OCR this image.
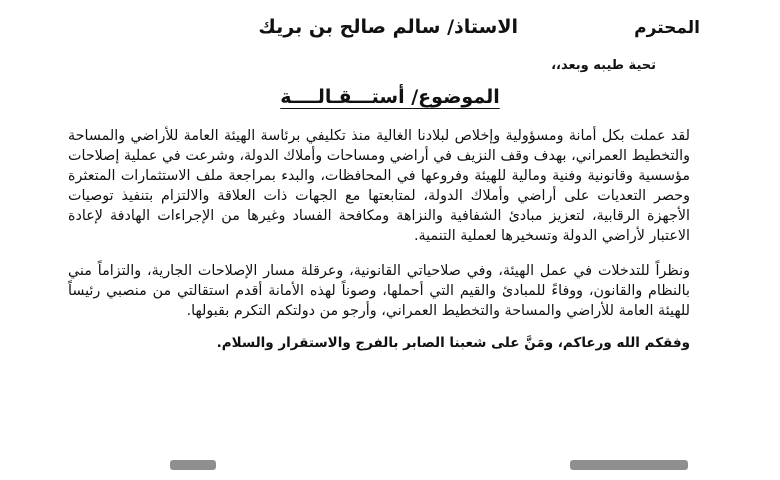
الاستاذ/ سالم صالح بن بريك	المحترم
تحية طيبه وبعد،،
الموضوع/ أستـــقـالــــة

لقد عملت بكل أمانة ومسؤولية وإخلاص لبلادنا الغالية منذ تكليفي برئاسة الهيئة العامة للأراضي والمساحة والتخطيط العمراني، بهدف وقف النزيف في أراضي ومساحات وأملاك الدولة، وشرعت في عملية إصلاحات مؤسسية وقانونية وفنية ومالية للهيئة وفروعها في المحافظات، والبدء بمراجعة ملف الاستثمارات المتعثرة وحصر التعديات على أراضي وأملاك الدولة، لمتابعتها مع الجهات ذات العلاقة والالتزام بتنفيذ توصيات الأجهزة الرقابية، لتعزيز مبادئ الشفافية والنزاهة ومكافحة الفساد وغيرها من الإجراءات الهادفة لإعادة الاعتبار لأراضي الدولة وتسخيرها لعملية التنمية.

ونظراً للتدخلات في عمل الهيئة، وفي صلاحياتي القانونية، وعرقلة مسار الإصلاحات الجارية، والتزاماً مني بالنظام والقانون، ووفاءً للمبادئ والقيم التي أحملها، وصوناً لهذه الأمانة أقدم استقالتي من منصبي رئيساً للهيئة العامة للأراضي والمساحة والتخطيط العمراني، وأرجو من دولتكم التكرم بقبولها.

وفقكم الله ورعاكم، ومَنَّ على شعبنا الصابر بالفرج والاستقرار والسلام.
